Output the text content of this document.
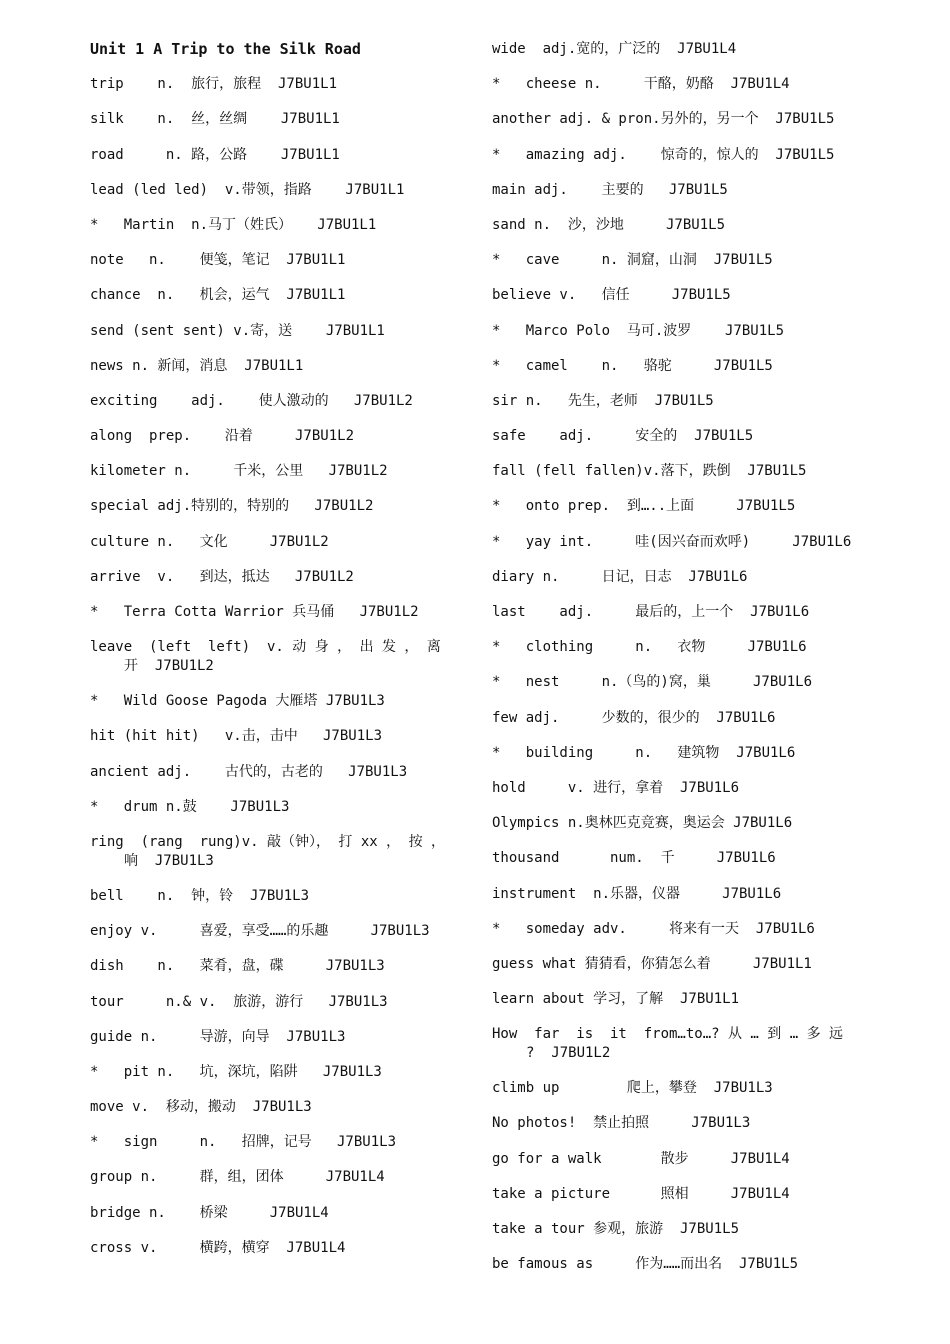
Unit 1 A Trip to the Silk Road
trip    n.  旅行，旅程  J7BU1L1
silk    n.  丝，丝绸    J7BU1L1
road     n. 路，公路    J7BU1L1
lead (led led)  v.带领，指路    J7BU1L1
*   Martin  n.马丁（姓氏）   J7BU1L1
note   n.    便笺，笔记  J7BU1L1
chance  n.   机会，运气  J7BU1L1
send (sent sent) v.寄，送    J7BU1L1
news n. 新闻，消息  J7BU1L1
exciting    adj.    使人激动的   J7BU1L2
along  prep.    沿着     J7BU1L2
kilometer n.     千米，公里   J7BU1L2
special adj.特别的，特别的   J7BU1L2
culture n.   文化     J7BU1L2
arrive  v.   到达，抵达   J7BU1L2
*   Terra Cotta Warrior 兵马俑   J7BU1L2
leave  (left  left)  v. 动 身 ， 出 发 ， 离 开  J7BU1L2
*   Wild Goose Pagoda 大雁塔 J7BU1L3
hit (hit hit)   v.击，击中   J7BU1L3
ancient adj.    古代的，古老的   J7BU1L3
*   drum n.鼓    J7BU1L3
ring  (rang  rung)v. 敲（钟）， 打 xx ， 按 ， 响  J7BU1L3
bell    n.  钟，铃  J7BU1L3
enjoy v.     喜爱，享受……的乐趣     J7BU1L3
dish    n.   菜肴，盘，碟     J7BU1L3
tour     n.& v.  旅游，游行   J7BU1L3
guide n.     导游，向导  J7BU1L3
*   pit n.   坑，深坑，陷阱   J7BU1L3
move v.  移动，搬动  J7BU1L3
*   sign     n.   招牌，记号   J7BU1L3
group n.     群，组，团体     J7BU1L4
bridge n.    桥梁     J7BU1L4
cross v.     横跨，横穿  J7BU1L4
wide  adj.宽的，广泛的  J7BU1L4
*   cheese n.     干酪，奶酪  J7BU1L4
another adj. & pron.另外的，另一个  J7BU1L5
*   amazing adj.    惊奇的，惊人的  J7BU1L5
main adj.    主要的   J7BU1L5
sand n.  沙，沙地     J7BU1L5
*   cave     n. 洞窟，山洞  J7BU1L5
believe v.   信任     J7BU1L5
*   Marco Polo  马可.波罗    J7BU1L5
*   camel    n.   骆驼     J7BU1L5
sir n.   先生，老师  J7BU1L5
safe    adj.     安全的  J7BU1L5
fall (fell fallen)v.落下，跌倒  J7BU1L5
*   onto prep.  到…..上面     J7BU1L5
*   yay int.     哇(因兴奋而欢呼)     J7BU1L6
diary n.     日记，日志  J7BU1L6
last    adj.     最后的，上一个  J7BU1L6
*   clothing     n.   衣物     J7BU1L6
*   nest     n.（鸟的)窝，巢     J7BU1L6
few adj.     少数的，很少的  J7BU1L6
*   building     n.   建筑物  J7BU1L6
hold     v. 进行，拿着  J7BU1L6
Olympics n.奥林匹克竞赛，奥运会 J7BU1L6
thousand      num.  千     J7BU1L6
instrument  n.乐器，仪器     J7BU1L6
*   someday adv.     将来有一天  J7BU1L6
guess what 猜猜看，你猜怎么着     J7BU1L1
learn about 学习，了解  J7BU1L1
How  far  is  it  from…to…? 从 … 到 … 多 远 ?  J7BU1L2
climb up        爬上，攀登  J7BU1L3
No photos!  禁止拍照     J7BU1L3
go for a walk       散步     J7BU1L4
take a picture      照相     J7BU1L4
take a tour 参观，旅游  J7BU1L5
be famous as     作为……而出名  J7BU1L5
